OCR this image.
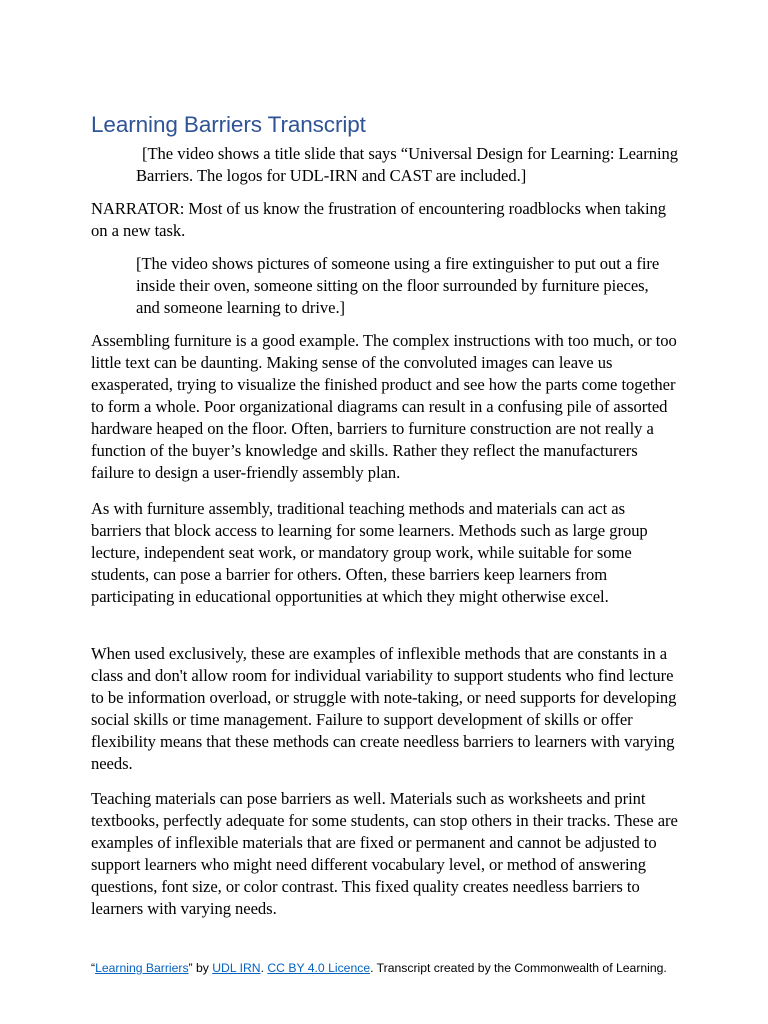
Learning Barriers Transcript

[The video shows a title slide that says “Universal Design for Learning: Learning Barriers. The logos for UDL-IRN and CAST are included.]

NARRATOR: Most of us know the frustration of encountering roadblocks when taking on a new task.

[The video shows pictures of someone using a fire extinguisher to put out a fire inside their oven, someone sitting on the floor surrounded by furniture pieces, and someone learning to drive.]

Assembling furniture is a good example. The complex instructions with too much, or too little text can be daunting. Making sense of the convoluted images can leave us exasperated, trying to visualize the finished product and see how the parts come together to form a whole. Poor organizational diagrams can result in a confusing pile of assorted hardware heaped on the floor. Often, barriers to furniture construction are not really a function of the buyer’s knowledge and skills. Rather they reflect the manufacturers failure to design a user-friendly assembly plan.

As with furniture assembly, traditional teaching methods and materials can act as barriers that block access to learning for some learners. Methods such as large group lecture, independent seat work, or mandatory group work, while suitable for some students, can pose a barrier for others. Often, these barriers keep learners from participating in educational opportunities at which they might otherwise excel.

When used exclusively, these are examples of inflexible methods that are constants in a class and don't allow room for individual variability to support students who find lecture to be information overload, or struggle with note-taking, or need supports for developing social skills or time management. Failure to support development of skills or offer flexibility means that these methods can create needless barriers to learners with varying needs.

Teaching materials can pose barriers as well. Materials such as worksheets and print textbooks, perfectly adequate for some students, can stop others in their tracks. These are examples of inflexible materials that are fixed or permanent and cannot be adjusted to support learners who might need different vocabulary level, or method of answering questions, font size, or color contrast. This fixed quality creates needless barriers to learners with varying needs.

“Learning Barriers” by UDL IRN. CC BY 4.0 Licence. Transcript created by the Commonwealth of Learning.
